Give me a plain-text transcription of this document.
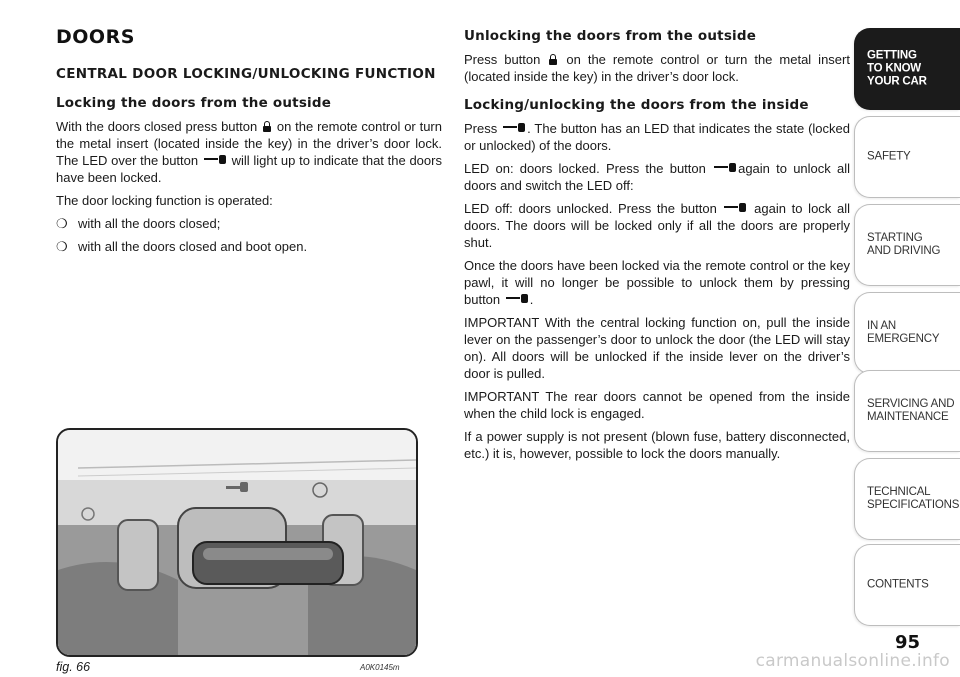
DOORS
CENTRAL DOOR LOCKING/UNLOCKING FUNCTION
Locking the doors from the outside

With the doors closed press button on the remote control or turn the metal insert (located inside the key) in the driver’s door lock. The LED over the button	will light up to indicate that the doors have been locked.

The door locking function is operated:

❍ with all the doors closed;
❍ with all the doors closed and boot open.
Unlocking the doors from the outside

Press button on the remote control or turn the metal insert (located inside the key) in the driver’s door lock.

Locking/unlocking the doors from the inside

Press . The button has an LED that indicates the state (locked or unlocked) of the doors.

LED on: doors locked. Press the button again to unlock all doors and switch the LED off:

LED off: doors unlocked. Press the button	again to lock all doors. The doors will be locked only if all the doors are properly shut.

Once the doors have been locked via the remote control or the key pawl, it will no longer be possible to unlock them by pressing button .

IMPORTANT With the central locking function on, pull the inside lever on the passenger’s door to unlock the door (the LED will stay on). All doors will be unlocked if the inside lever on the driver’s door is pulled.

IMPORTANT The rear doors cannot be opened from the inside when the child lock is engaged.

If a power supply is not present (blown fuse, battery disconnected, etc.) it is, however, possible to lock the doors manually.

fig. 66	A0K0145m
GETTING
TO KNOW
YOUR CAR
SAFETY
STARTING
AND DRIVING
IN AN
EMERGENCY
SERVICING AND
MAINTENANCE
TECHNICAL
SPECIFICATIONS
CONTENTS
95
carmanualsonline.info
